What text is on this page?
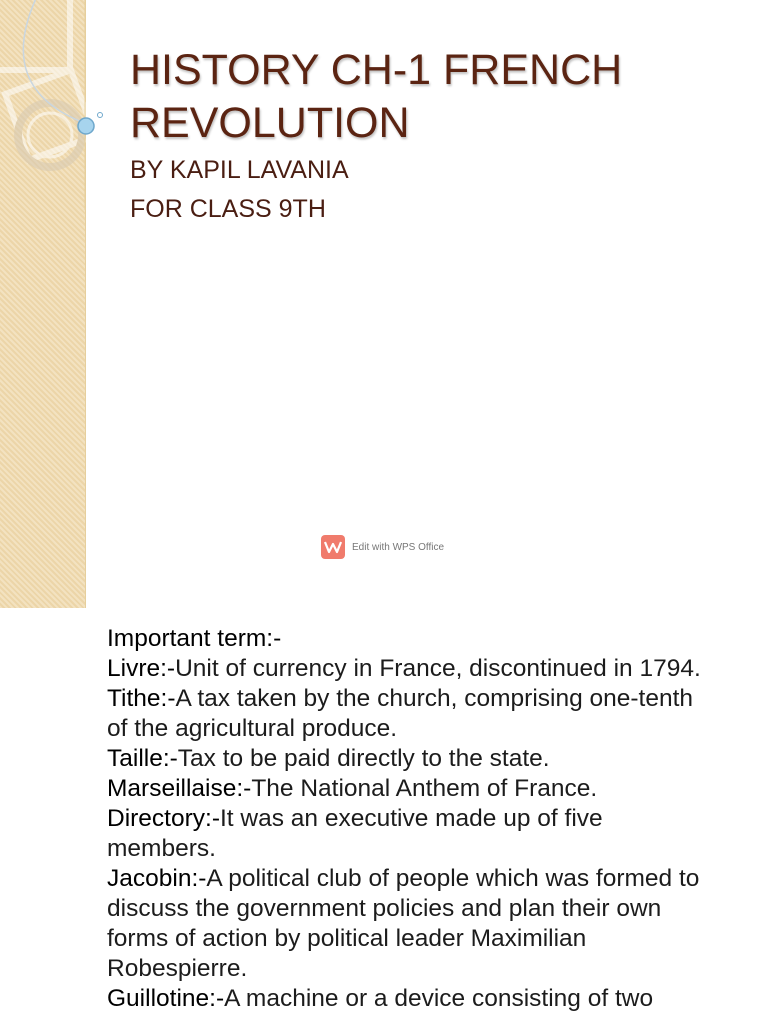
HISTORY CH-1 FRENCH REVOLUTION
BY KAPIL LAVANIA
FOR CLASS 9TH
Edit with WPS Office

Important term:-

Livre:-Unit of currency in France, discontinued in 1794.

Tithe:-A tax taken by the church, comprising one-tenth of the agricultural produce.

Taille:-Tax to be paid directly to the state.

Marseillaise:-The National Anthem of France.

Directory:-It was an executive made up of five members.

Jacobin:-A political club of people which was formed to discuss the government policies and plan their own forms of action by political leader Maximilian Robespierre.

Guillotine:-A machine or a device consisting of two
